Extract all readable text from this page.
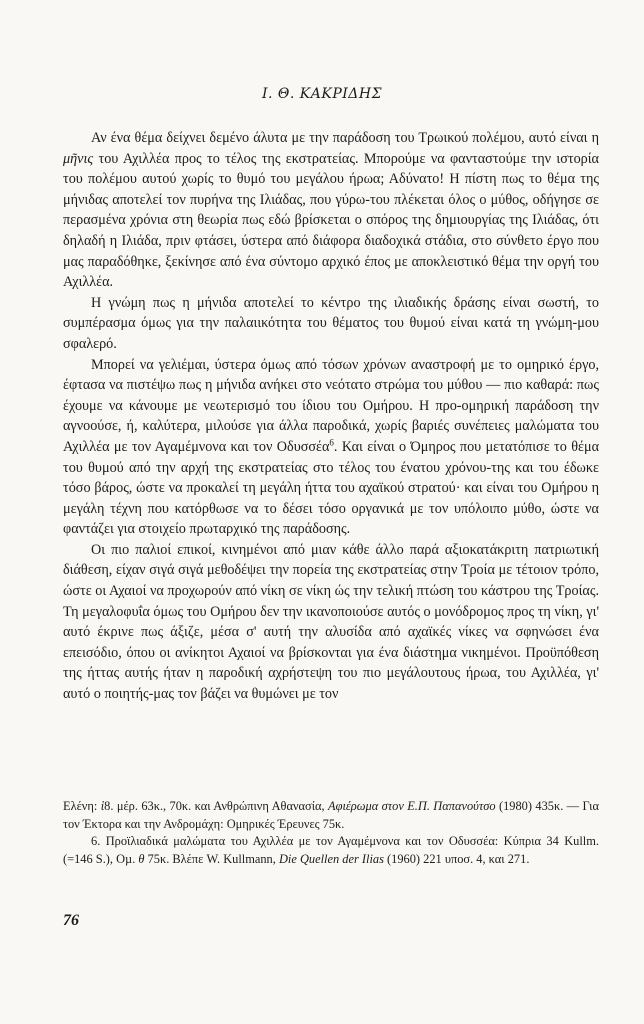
Ι. Θ. ΚΑΚΡΙΔΗΣ

Αν ένα θέμα δείχνει δεμένο άλυτα με την παράδοση του Τρωικού πολέμου, αυτό είναι η μῆνις του Αχιλλέα προς το τέλος της εκστρατείας. Μπορούμε να φανταστούμε την ιστορία του πολέμου αυτού χωρίς το θυμό του μεγάλου ήρωα; Αδύνατο! Η πίστη πως το θέμα της μήνιδας αποτελεί τον πυρήνα της Ιλιάδας, που γύρω-του πλέκεται όλος ο μύθος, οδήγησε σε περασμένα χρόνια στη θεωρία πως εδώ βρίσκεται ο σπόρος της δημιουργίας της Ιλιάδας, ότι δηλαδή η Ιλιάδα, πριν φτάσει, ύστερα από διάφορα διαδοχικά στάδια, στο σύνθετο έργο που μας παραδόθηκε, ξεκίνησε από ένα σύντομο αρχικό έπος με αποκλειστικό θέμα την οργή του Αχιλλέα.

Η γνώμη πως η μήνιδα αποτελεί το κέντρο της ιλιαδικής δράσης είναι σωστή, το συμπέρασμα όμως για την παλαιικότητα του θέματος του θυμού είναι κατά τη γνώμη-μου σφαλερό.

Μπορεί να γελιέμαι, ύστερα όμως από τόσων χρόνων αναστροφή με το ομηρικό έργο, έφτασα να πιστέψω πως η μήνιδα ανήκει στο νεότατο στρώμα του μύθου — πιο καθαρά: πως έχουμε να κάνουμε με νεωτερισμό του ίδιου του Ομήρου. Η προ-ομηρική παράδοση την αγνοούσε, ή, καλύτερα, μιλούσε για άλλα παροδικά, χωρίς βαριές συνέπειες μαλώματα του Αχιλλέα με τον Αγαμέμνονα και τον Οδυσσέα$^6$. Και είναι ο Όμηρος που μετατόπισε το θέμα του θυμού από την αρχή της εκστρατείας στο τέλος του ένατου χρόνου-της και του έδωκε τόσο βάρος, ώστε να προκαλεί τη μεγάλη ήττα του αχαϊκού στρατού· και είναι του Ομήρου η μεγάλη τέχνη που κατόρθωσε να το δέσει τόσο οργανικά με τον υπόλοιπο μύθο, ώστε να φαντάζει για στοιχείο πρωταρχικό της παράδοσης.

Οι πιο παλιοί επικοί, κινημένοι από μιαν κάθε άλλο παρά αξιοκατάκριτη πατριωτική διάθεση, είχαν σιγά σιγά μεθοδέψει την πορεία της εκστρατείας στην Τροία με τέτοιον τρόπο, ώστε οι Αχαιοί να προχωρούν από νίκη σε νίκη ώς την τελική πτώση του κάστρου της Τροίας. Τη μεγαλοφυΐα όμως του Ομήρου δεν την ικανοποιούσε αυτός ο μονόδρομος προς τη νίκη, γι' αυτό έκρινε πως άξιζε, μέσα σ' αυτή την αλυσίδα από αχαϊκές νίκες να σφηνώσει ένα επεισόδιο, όπου οι ανίκητοι Αχαιοί να βρίσκονται για ένα διάστημα νικημένοι. Προϋπόθεση της ήττας αυτής ήταν η παροδική αχρήστεψη του πιο μεγάλουτους ήρωα, του Αχιλλέα, γι' αυτό ο ποιητής-μας τον βάζει να θυμώνει με τον

Ελένη: ἱ8. μέρ. 63κ., 70κ. και Ανθρώπινη Αθανασία, Αφιέρωμα στον Ε.Π. Παπανούτσο (1980) 435κ. — Για τον Έκτορα και την Ανδρομάχη: Ομηρικές Έρευνες 75κ.

6. Προϊλιαδικά μαλώματα του Αχιλλέα με τον Αγαμέμνονα και τον Οδυσσέα: Κύπρια 34 Kullm. (=146 S.), Οµ. θ 75κ. Βλέπε W. Kullmann, Die Quellen der Ilias (1960) 221 υποσ. 4, και 271.

76
